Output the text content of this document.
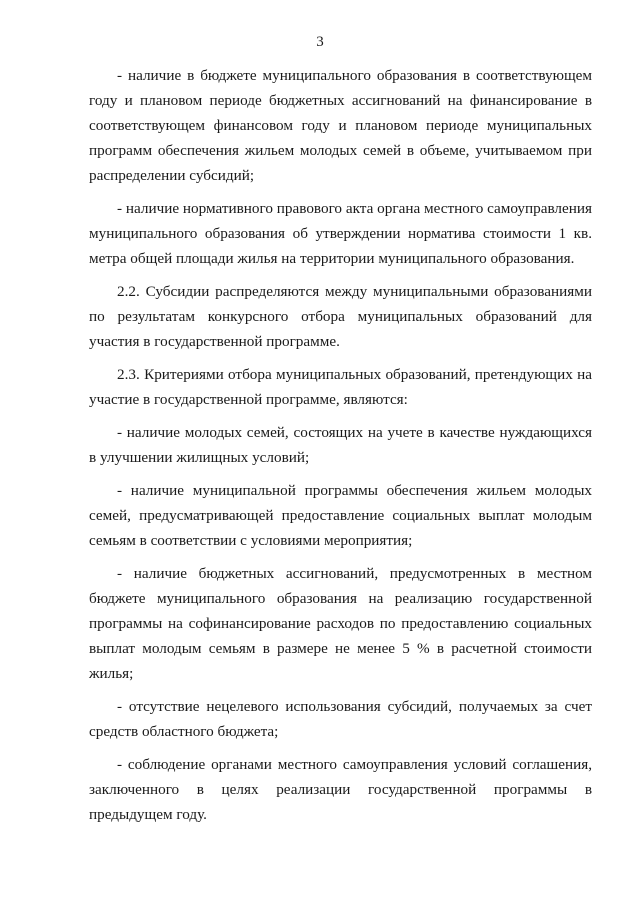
3

- наличие в бюджете муниципального образования в соответствующем году и плановом периоде бюджетных ассигнований на финансирование в соответствующем финансовом году и плановом периоде муниципальных программ обеспечения жильем молодых семей в объеме, учитываемом при распределении субсидий;

- наличие нормативного правового акта органа местного самоуправления муниципального образования об утверждении норматива стоимости 1 кв. метра общей площади жилья на территории муниципального образования.

2.2. Субсидии распределяются между муниципальными образованиями по результатам конкурсного отбора муниципальных образований для участия в государственной программе.

2.3. Критериями отбора муниципальных образований, претендующих на участие в государственной программе, являются:

- наличие молодых семей, состоящих на учете в качестве нуждающихся в улучшении жилищных условий;

- наличие муниципальной программы обеспечения жильем молодых семей, предусматривающей предоставление социальных выплат молодым семьям в соответствии с условиями мероприятия;

- наличие бюджетных ассигнований, предусмотренных в местном бюджете муниципального образования на реализацию государственной программы на софинансирование расходов по предоставлению социальных выплат молодым семьям в размере не менее 5 % в расчетной стоимости жилья;

- отсутствие нецелевого использования субсидий, получаемых за счет средств областного бюджета;

- соблюдение органами местного самоуправления условий соглашения, заключенного в целях реализации государственной программы в предыдущем году.
